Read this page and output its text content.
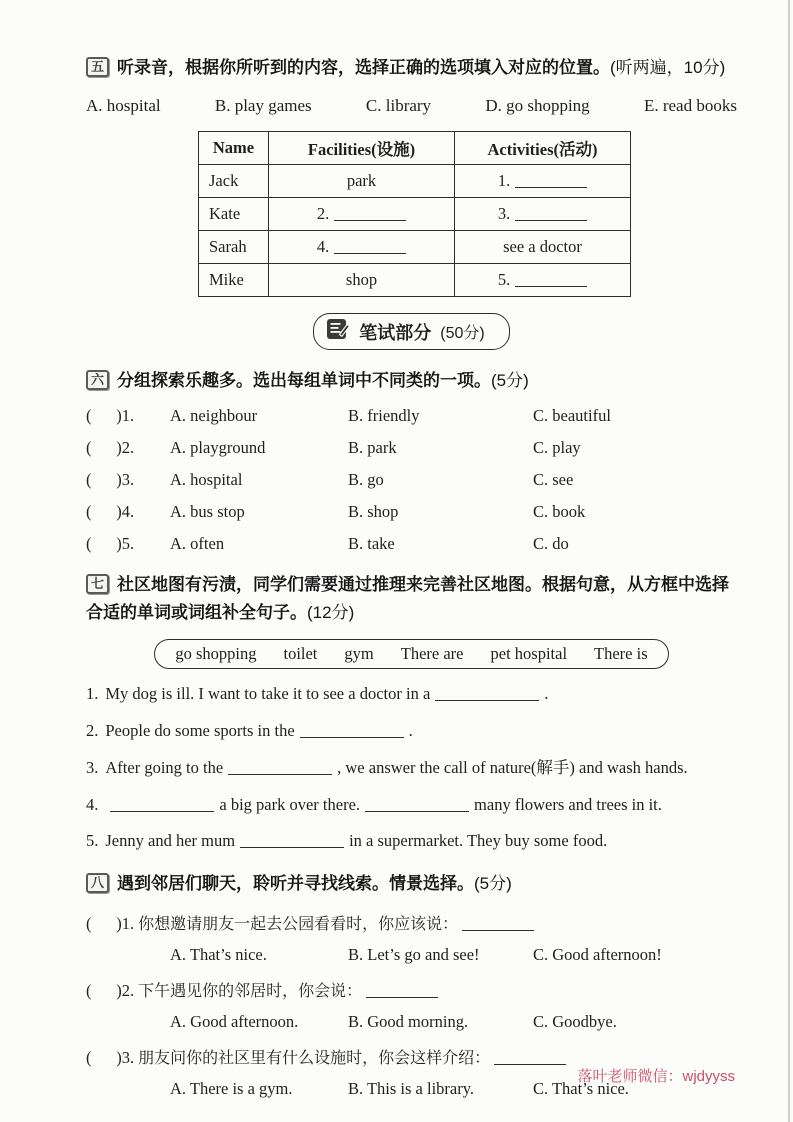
五 听录音，根据你所听到的内容，选择正确的选项填入对应的位置。(听两遍，10分)
A. hospital	B. play games	C. library	D. go shopping	E. read books
Name	Facilities(设施)	Activities(活动)
Jack	park	1.
Kate	2.	3.
Sarah	4.	see a doctor
Mike	shop	5.
笔试部分 (50分)
六 分组探索乐趣多。选出每组单词中不同类的一项。(5分)
(      )1.	A. neighbour	B. friendly	C. beautiful
(      )2.	A. playground	B. park	C. play
(      )3.	A. hospital	B. go	C. see
(      )4.	A. bus stop	B. shop	C. book
(      )5.	A. often	B. take	C. do
七 社区地图有污渍，同学们需要通过推理来完善社区地图。根据句意，从方框中选择合适的单词或词组补全句子。(12分)
go shopping toilet gym There are pet hospital There is
1. My dog is ill. I want to take it to see a doctor in a	.
2. People do some sports in the	.
3. After going to the	, we answer the call of nature(解手) and wash hands.
4.	a big park over there.	many flowers and trees in it.
5. Jenny and her mum	in a supermarket. They buy some food.
八 遇到邻居们聊天，聆听并寻找线索。情景选择。(5分)
(      )1. 你想邀请朋友一起去公园看看时，你应该说：
A. That’s nice.	B. Let’s go and see!	C. Good afternoon!
(      )2. 下午遇见你的邻居时，你会说：
A. Good afternoon.	B. Good morning.	C. Goodbye.
(      )3. 朋友问你的社区里有什么设施时，你会这样介绍：
A. There is a gym.	B. This is a library.	C. That’s nice.
落叶老师微信：wjdyyss
